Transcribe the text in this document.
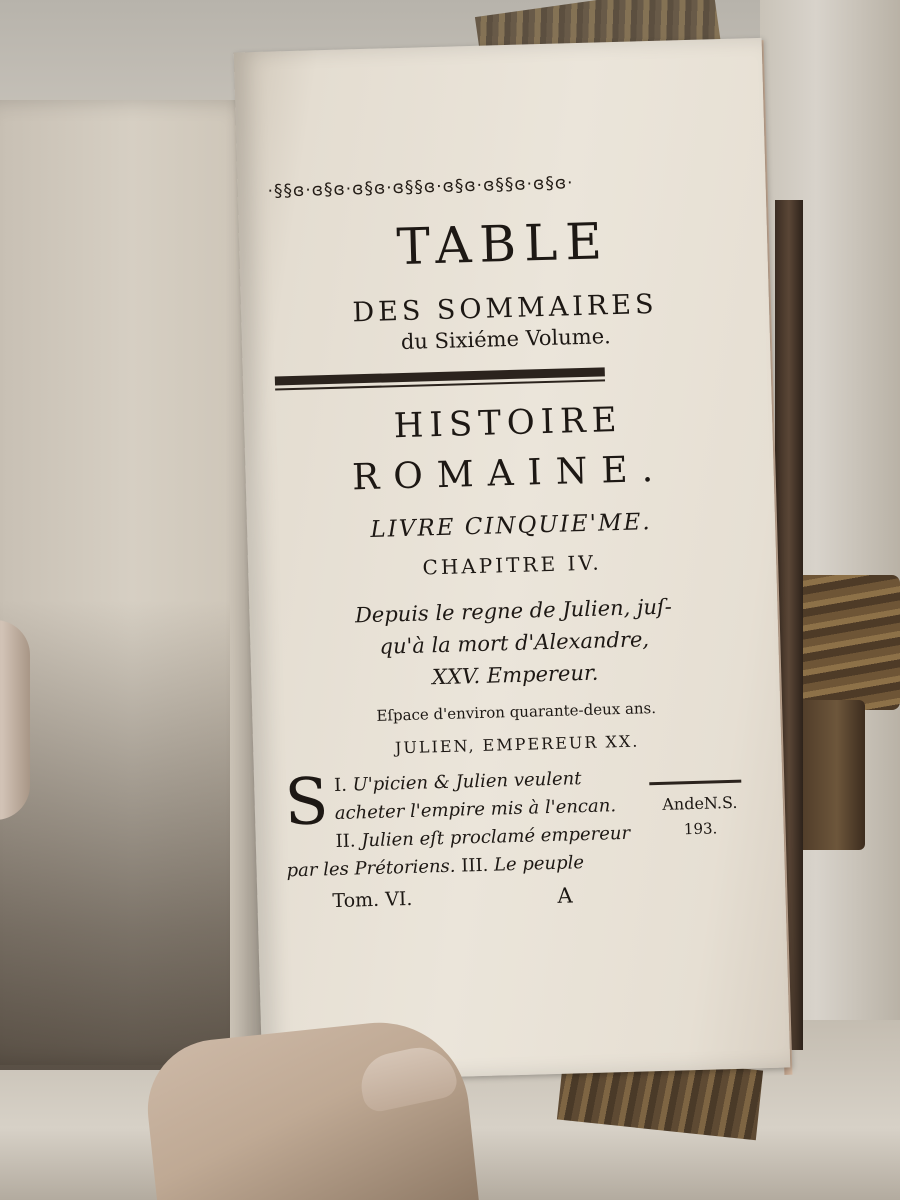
·§§ɞ·ɞ§ɞ·ɞ§ɞ·ɞ§§ɞ·ɞ§ɞ·ɞ§§ɞ·ɞ§ɞ·
TABLE
DES SOMMAIRES
du Sixiéme Volume.
HISTOIRE
ROMAINE.
LIVRE CINQUIE'ME.
CHAPITRE IV.
Depuis le regne de Julien, juſ-
qu'à la mort d'Alexandre,
XXV. Empereur.
Eſpace d'environ quarante-deux ans.
JULIEN, EMPEREUR XX.
I.
S U'picien & Julien veulent acheter l'empire mis à l'encan. II. Julien eſt proclamé empereur par les Prétoriens. III. Le peuple
AndeN.S.
193.
Tom. VI.	A
